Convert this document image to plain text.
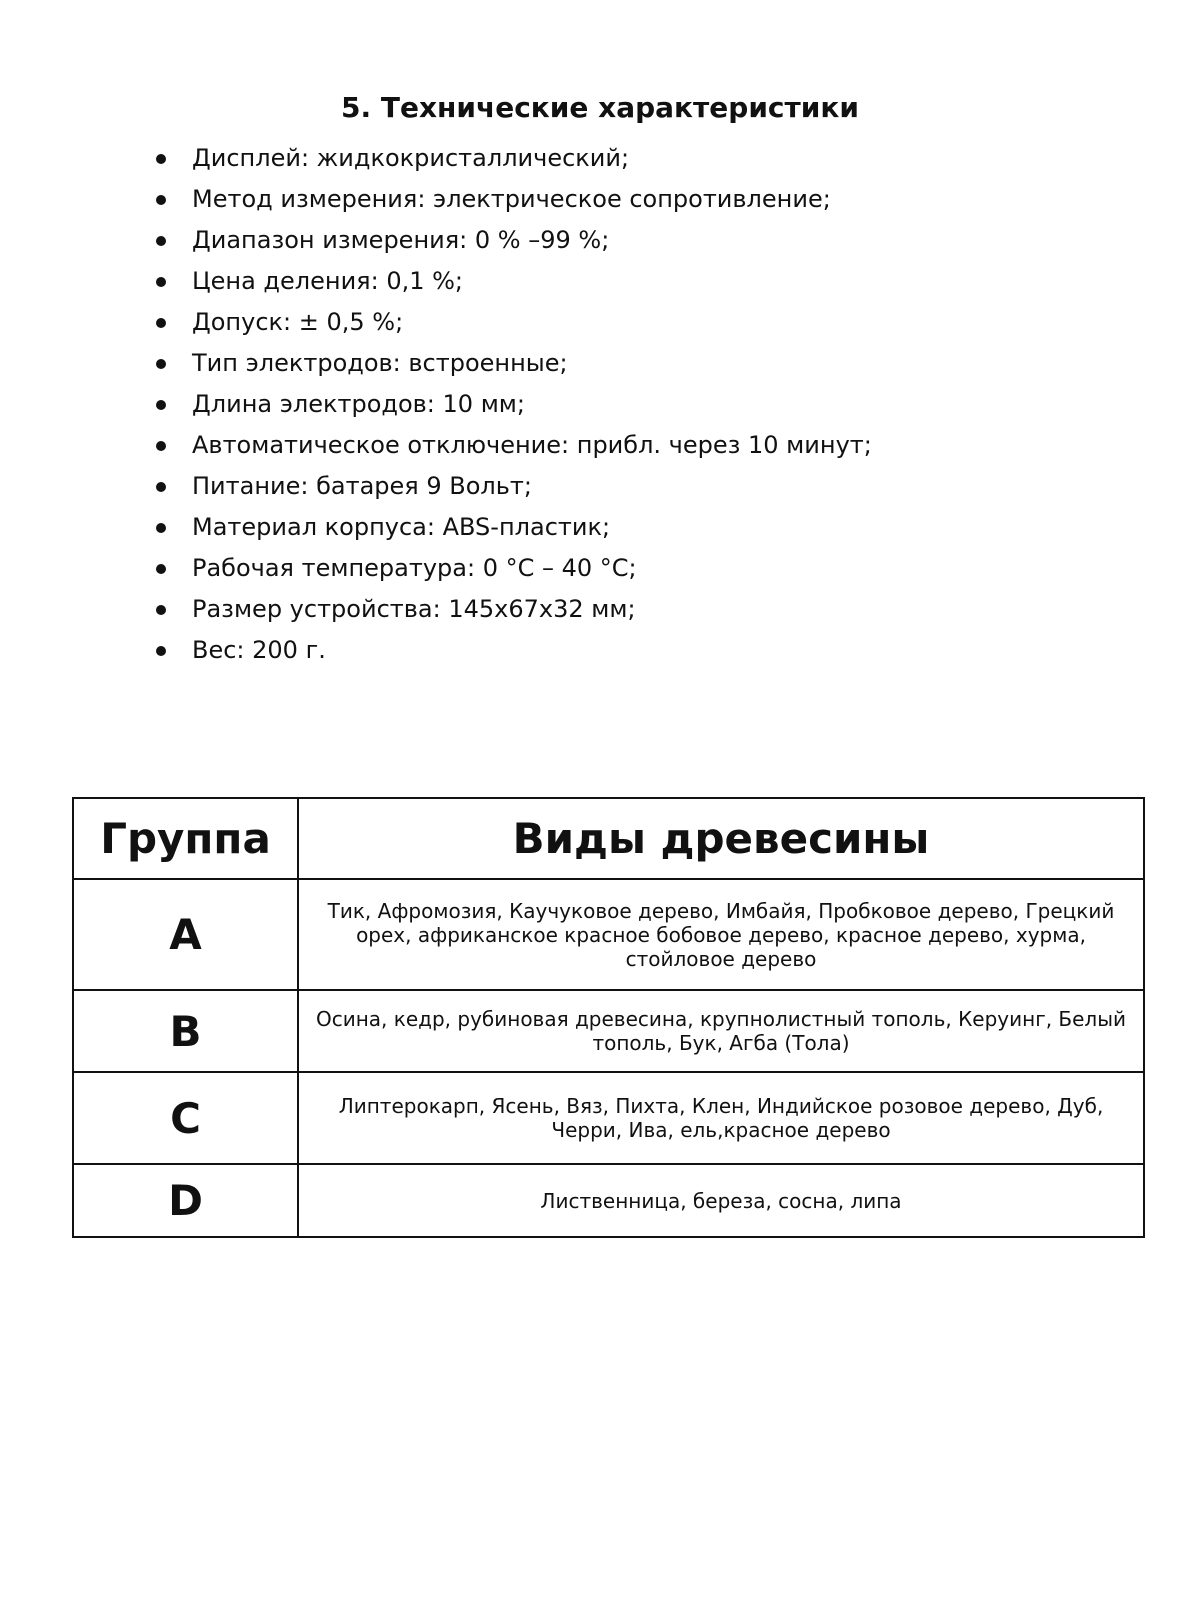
5. Технические характеристики
Дисплей: жидкокристаллический;
Метод измерения: электрическое сопротивление;
Диапазон измерения: 0 % –99 %;
Цена деления: 0,1 %;
Допуск: ± 0,5 %;
Тип электродов: встроенные;
Длина электродов: 10 мм;
Автоматическое отключение: прибл. через 10 минут;
Питание: батарея 9 Вольт;
Материал корпуса: ABS-пластик;
Рабочая температура: 0 °С – 40 °С;
Размер устройства: 145х67х32 мм;
Вес: 200 г.
Группа	Виды древесины
A	Тик, Афромозия, Каучуковое дерево, Имбайя, Пробковое дерево, Грецкий орех, африканское красное бобовое дерево, красное дерево, хурма, стойловое дерево
B	Осина, кедр, рубиновая древесина, крупнолистный тополь, Керуинг, Белый тополь, Бук, Агба (Тола)
C	Липтерокарп, Ясень, Вяз, Пихта, Клен, Индийское розовое дерево, Дуб, Черри, Ива, ель,красное дерево
D	Лиственница, береза, сосна, липа
